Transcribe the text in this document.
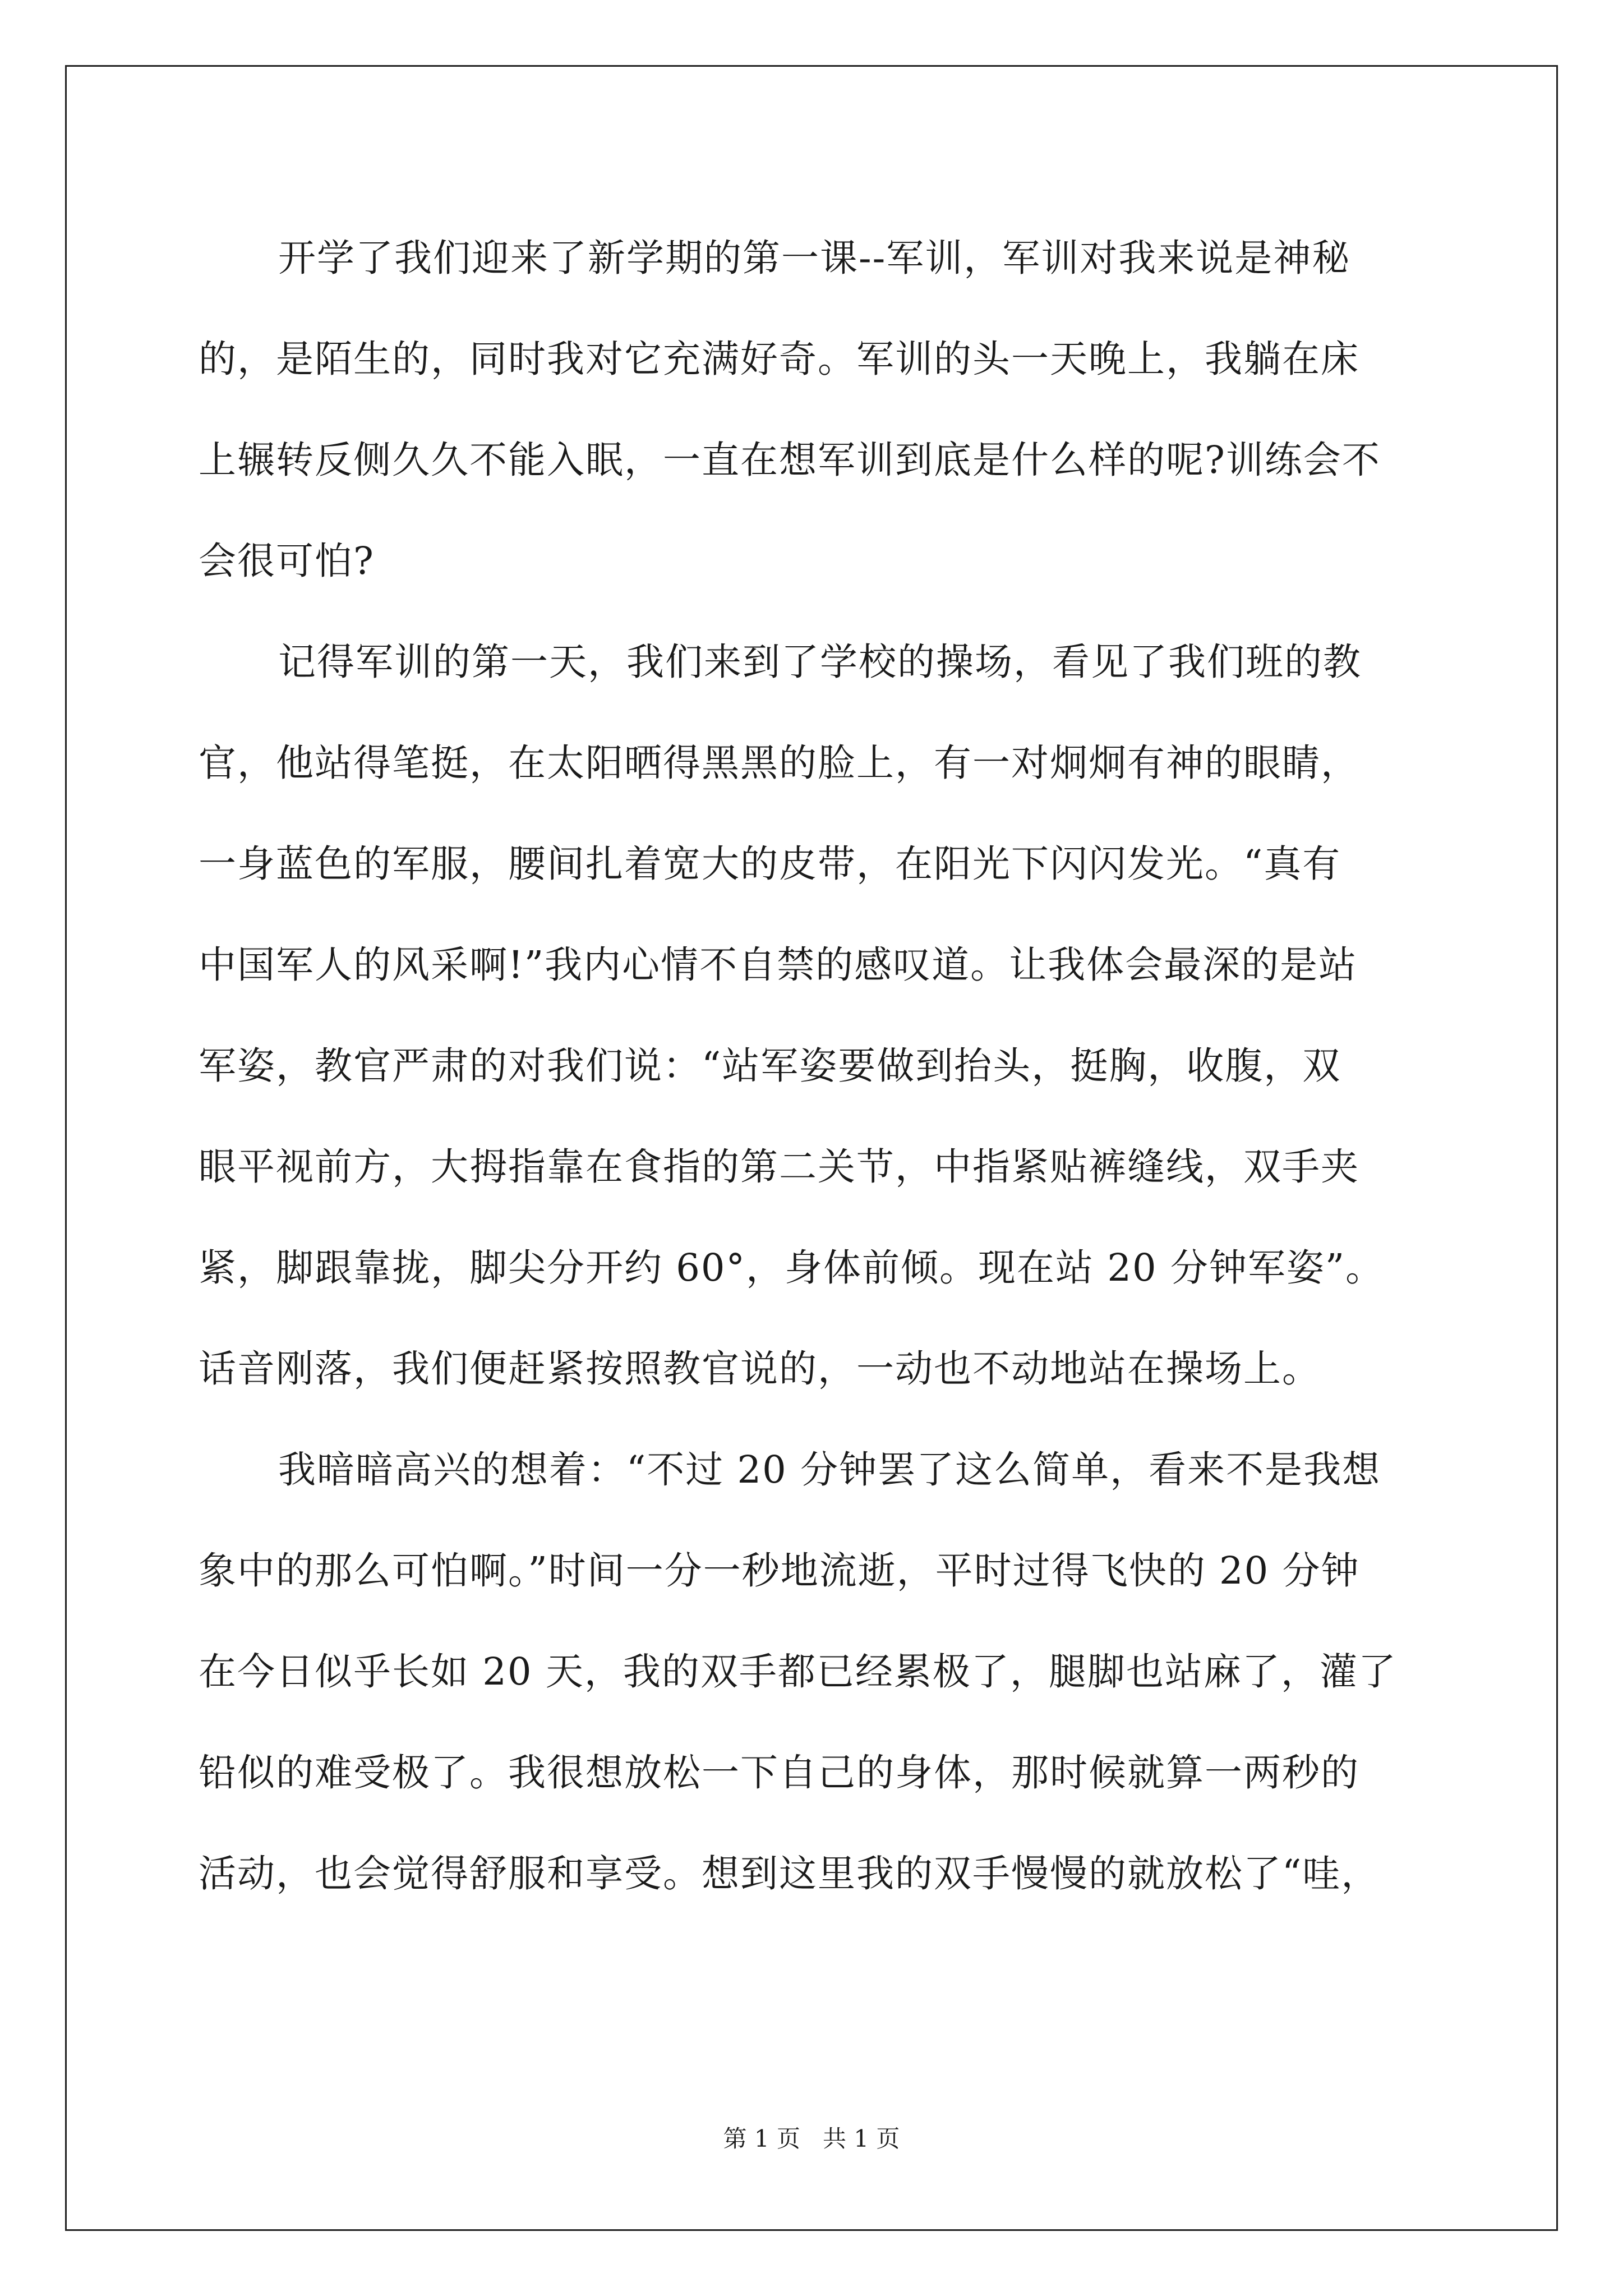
开学了我们迎来了新学期的第一课--军训，军训对我来说是神秘
的，是陌生的，同时我对它充满好奇。军训的头一天晚上，我躺在床
上辗转反侧久久不能入眠，一直在想军训到底是什么样的呢?训练会不
会很可怕?
记得军训的第一天，我们来到了学校的操场，看见了我们班的教
官，他站得笔挺，在太阳晒得黑黑的脸上，有一对炯炯有神的眼睛，
一身蓝色的军服，腰间扎着宽大的皮带，在阳光下闪闪发光。“真有
中国军人的风采啊!”我内心情不自禁的感叹道。让我体会最深的是站
军姿，教官严肃的对我们说：“站军姿要做到抬头，挺胸，收腹，双
眼平视前方，大拇指靠在食指的第二关节，中指紧贴裤缝线，双手夹
紧，脚跟靠拢，脚尖分开约 60°，身体前倾。现在站 20 分钟军姿”。
话音刚落，我们便赶紧按照教官说的，一动也不动地站在操场上。
我暗暗高兴的想着：“不过 20 分钟罢了这么简单，看来不是我想
象中的那么可怕啊。”时间一分一秒地流逝，平时过得飞快的 20 分钟
在今日似乎长如 20 天，我的双手都已经累极了，腿脚也站麻了，灌了
铅似的难受极了。我很想放松一下自己的身体，那时候就算一两秒的
活动，也会觉得舒服和享受。想到这里我的双手慢慢的就放松了“哇，
第 1 页 共 1 页
